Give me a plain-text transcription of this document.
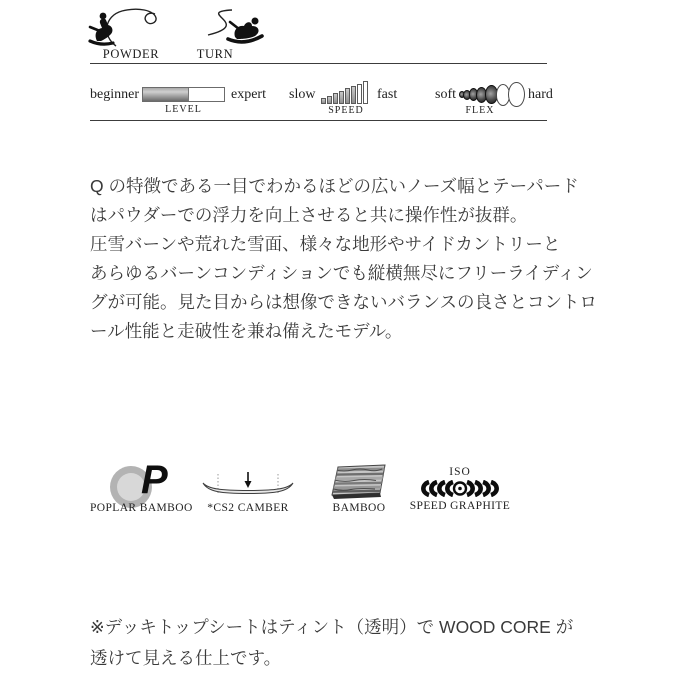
POWDER	TURN
beginner	expert
LEVEL
slow	fast
SPEED
soft	hard
FLEX
Q の特徴である一目でわかるほどの広いノーズ幅とテーパード
はパウダーでの浮力を向上させると共に操作性が抜群。
圧雪バーンや荒れた雪面、様々な地形やサイドカントリーと
あらゆるバーンコンディションでも縦横無尽にフリーライディン
グが可能。見た目からは想像できないバランスの良さとコントロ
ール性能と走破性を兼ね備えたモデル。
P
POPLAR BAMBOO	*CS2 CAMBER	BAMBOO
ISO
SPEED GRAPHITE
※デッキトップシートはティント（透明）で WOOD CORE が
透けて見える仕上です。
